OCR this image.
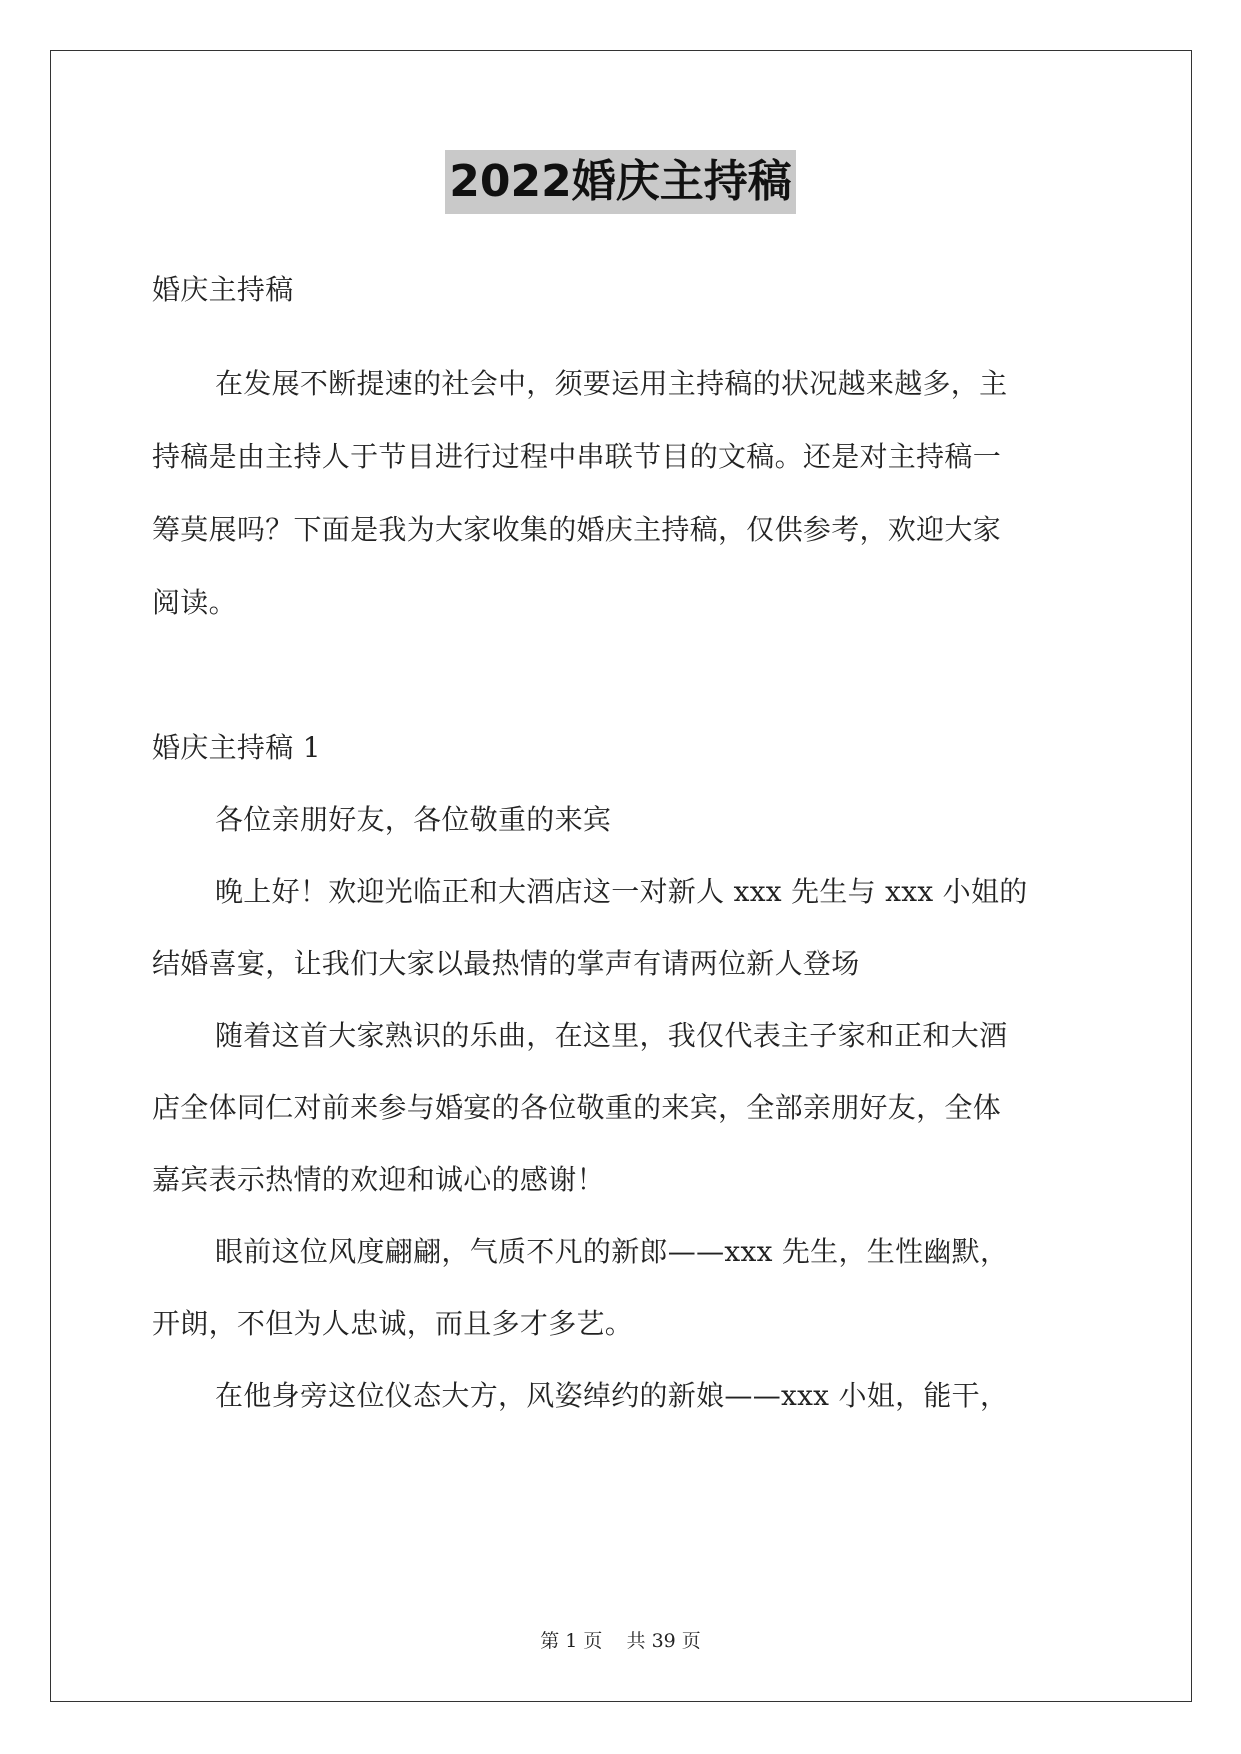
2022婚庆主持稿
婚庆主持稿
在发展不断提速的社会中，须要运用主持稿的状况越来越多，主
持稿是由主持人于节目进行过程中串联节目的文稿。还是对主持稿一
筹莫展吗？下面是我为大家收集的婚庆主持稿，仅供参考，欢迎大家
阅读。
婚庆主持稿 1
各位亲朋好友，各位敬重的来宾
晚上好！欢迎光临正和大酒店这一对新人 xxx 先生与 xxx 小姐的
结婚喜宴，让我们大家以最热情的掌声有请两位新人登场
随着这首大家熟识的乐曲，在这里，我仅代表主子家和正和大酒
店全体同仁对前来参与婚宴的各位敬重的来宾，全部亲朋好友，全体
嘉宾表示热情的欢迎和诚心的感谢！
眼前这位风度翩翩，气质不凡的新郎——xxx 先生，生性幽默，
开朗，不但为人忠诚，而且多才多艺。
在他身旁这位仪态大方，风姿绰约的新娘——xxx 小姐，能干，
第 1 页 共 39 页
